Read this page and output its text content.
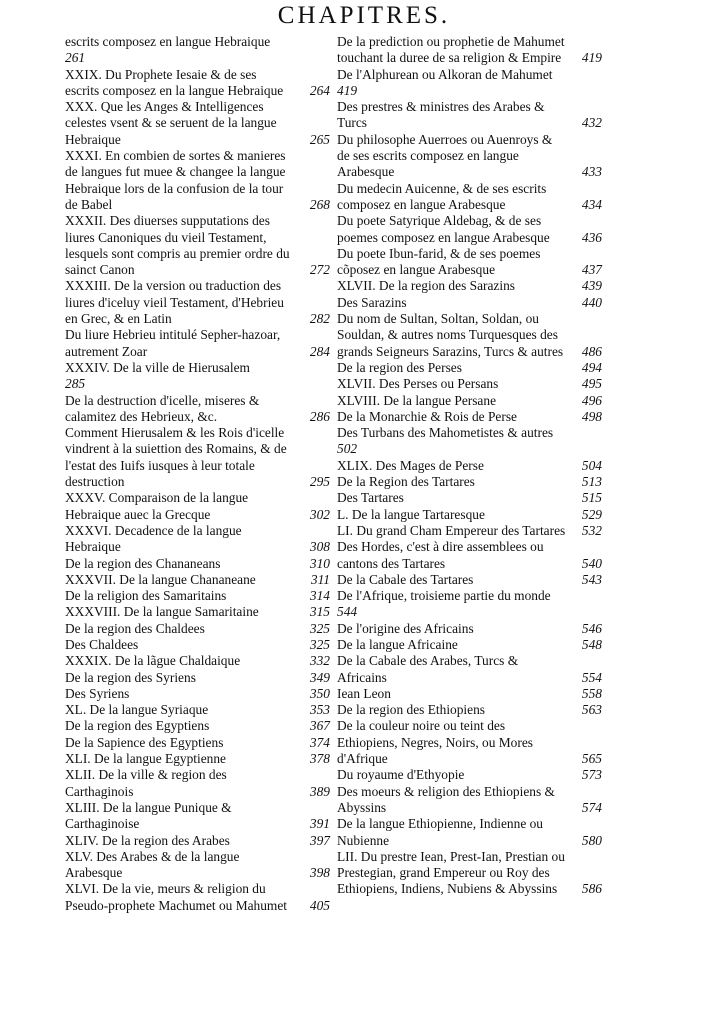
CHAPITRES.
escrits composez en langue Hebraique
261
XXIX. Du Prophete Iesaie & de ses escrits composez en la langue Hebraique	264
XXX. Que les Anges & Intelligences celestes vsent & se seruent de la langue Hebraique	265
XXXI. En combien de sortes & manieres de langues fut muee & changee la langue Hebraique lors de la confusion de la tour de Babel	268
XXXII. Des diuerses supputations des liures Canoniques du vieil Testament, lesquels sont compris au premier ordre du sainct Canon	272
XXXIII. De la version ou traduction des liures d'iceluy vieil Testament, d'Hebrieu en Grec, & en Latin	282
Du liure Hebrieu intitulé Sepher-hazoar, autrement Zoar	284
XXXIV. De la ville de Hierusalem
285
De la destruction d'icelle, miseres & calamitez des Hebrieux, &c.	286
Comment Hierusalem & les Rois d'icelle vindrent à la suiettion des Romains, & de l'estat des Iuifs iusques à leur totale destruction	295
XXXV. Comparaison de la langue Hebraique auec la Grecque	302
XXXVI. Decadence de la langue Hebraique	308
De la region des Chananeans	310
XXXVII. De la langue Chananeane	311
De la religion des Samaritains	314
XXXVIII. De la langue Samaritaine	315
De la region des Chaldees	325
Des Chaldees	325
XXXIX. De la lãgue Chaldaique	332
De la region des Syriens	349
Des Syriens	350
XL. De la langue Syriaque	353
De la region des Egyptiens	367
De la Sapience des Egyptiens	374
XLI. De la langue Egyptienne	378
XLII. De la ville & region des Carthaginois	389
XLIII. De la langue Punique & Carthaginoise	391
XLIV. De la region des Arabes	397
XLV. Des Arabes & de la langue Arabesque	398
XLVI. De la vie, meurs & religion du Pseudo-prophete Machumet ou Mahumet	405
De la prediction ou prophetie de Mahumet touchant la duree de sa religion & Empire	419
De l'Alphurean ou Alkoran de Mahumet
419
Des prestres & ministres des Arabes & Turcs	432
Du philosophe Auerroes ou Auenroys & de ses escrits composez en langue Arabesque	433
Du medecin Auicenne, & de ses escrits composez en langue Arabesque	434
Du poete Satyrique Aldebag, & de ses poemes composez en langue Arabesque	436
Du poete Ibun-farid, & de ses poemes cõposez en langue Arabesque	437
XLVII. De la region des Sarazins	439
Des Sarazins	440
Du nom de Sultan, Soltan, Soldan, ou Souldan, & autres noms Turquesques des grands Seigneurs Sarazins, Turcs & autres	486
De la region des Perses	494
XLVII. Des Perses ou Persans	495
XLVIII. De la langue Persane	496
De la Monarchie & Rois de Perse	498
Des Turbans des Mahometistes & autres
502
XLIX. Des Mages de Perse	504
De la Region des Tartares	513
Des Tartares	515
L. De la langue Tartaresque	529
LI. Du grand Cham Empereur des Tartares	532
Des Hordes, c'est à dire assemblees ou cantons des Tartares	540
De la Cabale des Tartares	543
De l'Afrique, troisieme partie du monde
544
De l'origine des Africains	546
De la langue Africaine	548
De la Cabale des Arabes, Turcs & Africains	554
Iean Leon	558
De la region des Ethiopiens	563
De la couleur noire ou teint des Ethiopiens, Negres, Noirs, ou Mores d'Afrique	565
Du royaume d'Ethyopie	573
Des moeurs & religion des Ethiopiens & Abyssins	574
De la langue Ethiopienne, Indienne ou Nubienne	580
LII. Du prestre Iean, Prest-Ian, Prestian ou Prestegian, grand Empereur ou Roy des Ethiopiens, Indiens, Nubiens & Abyssins	586
